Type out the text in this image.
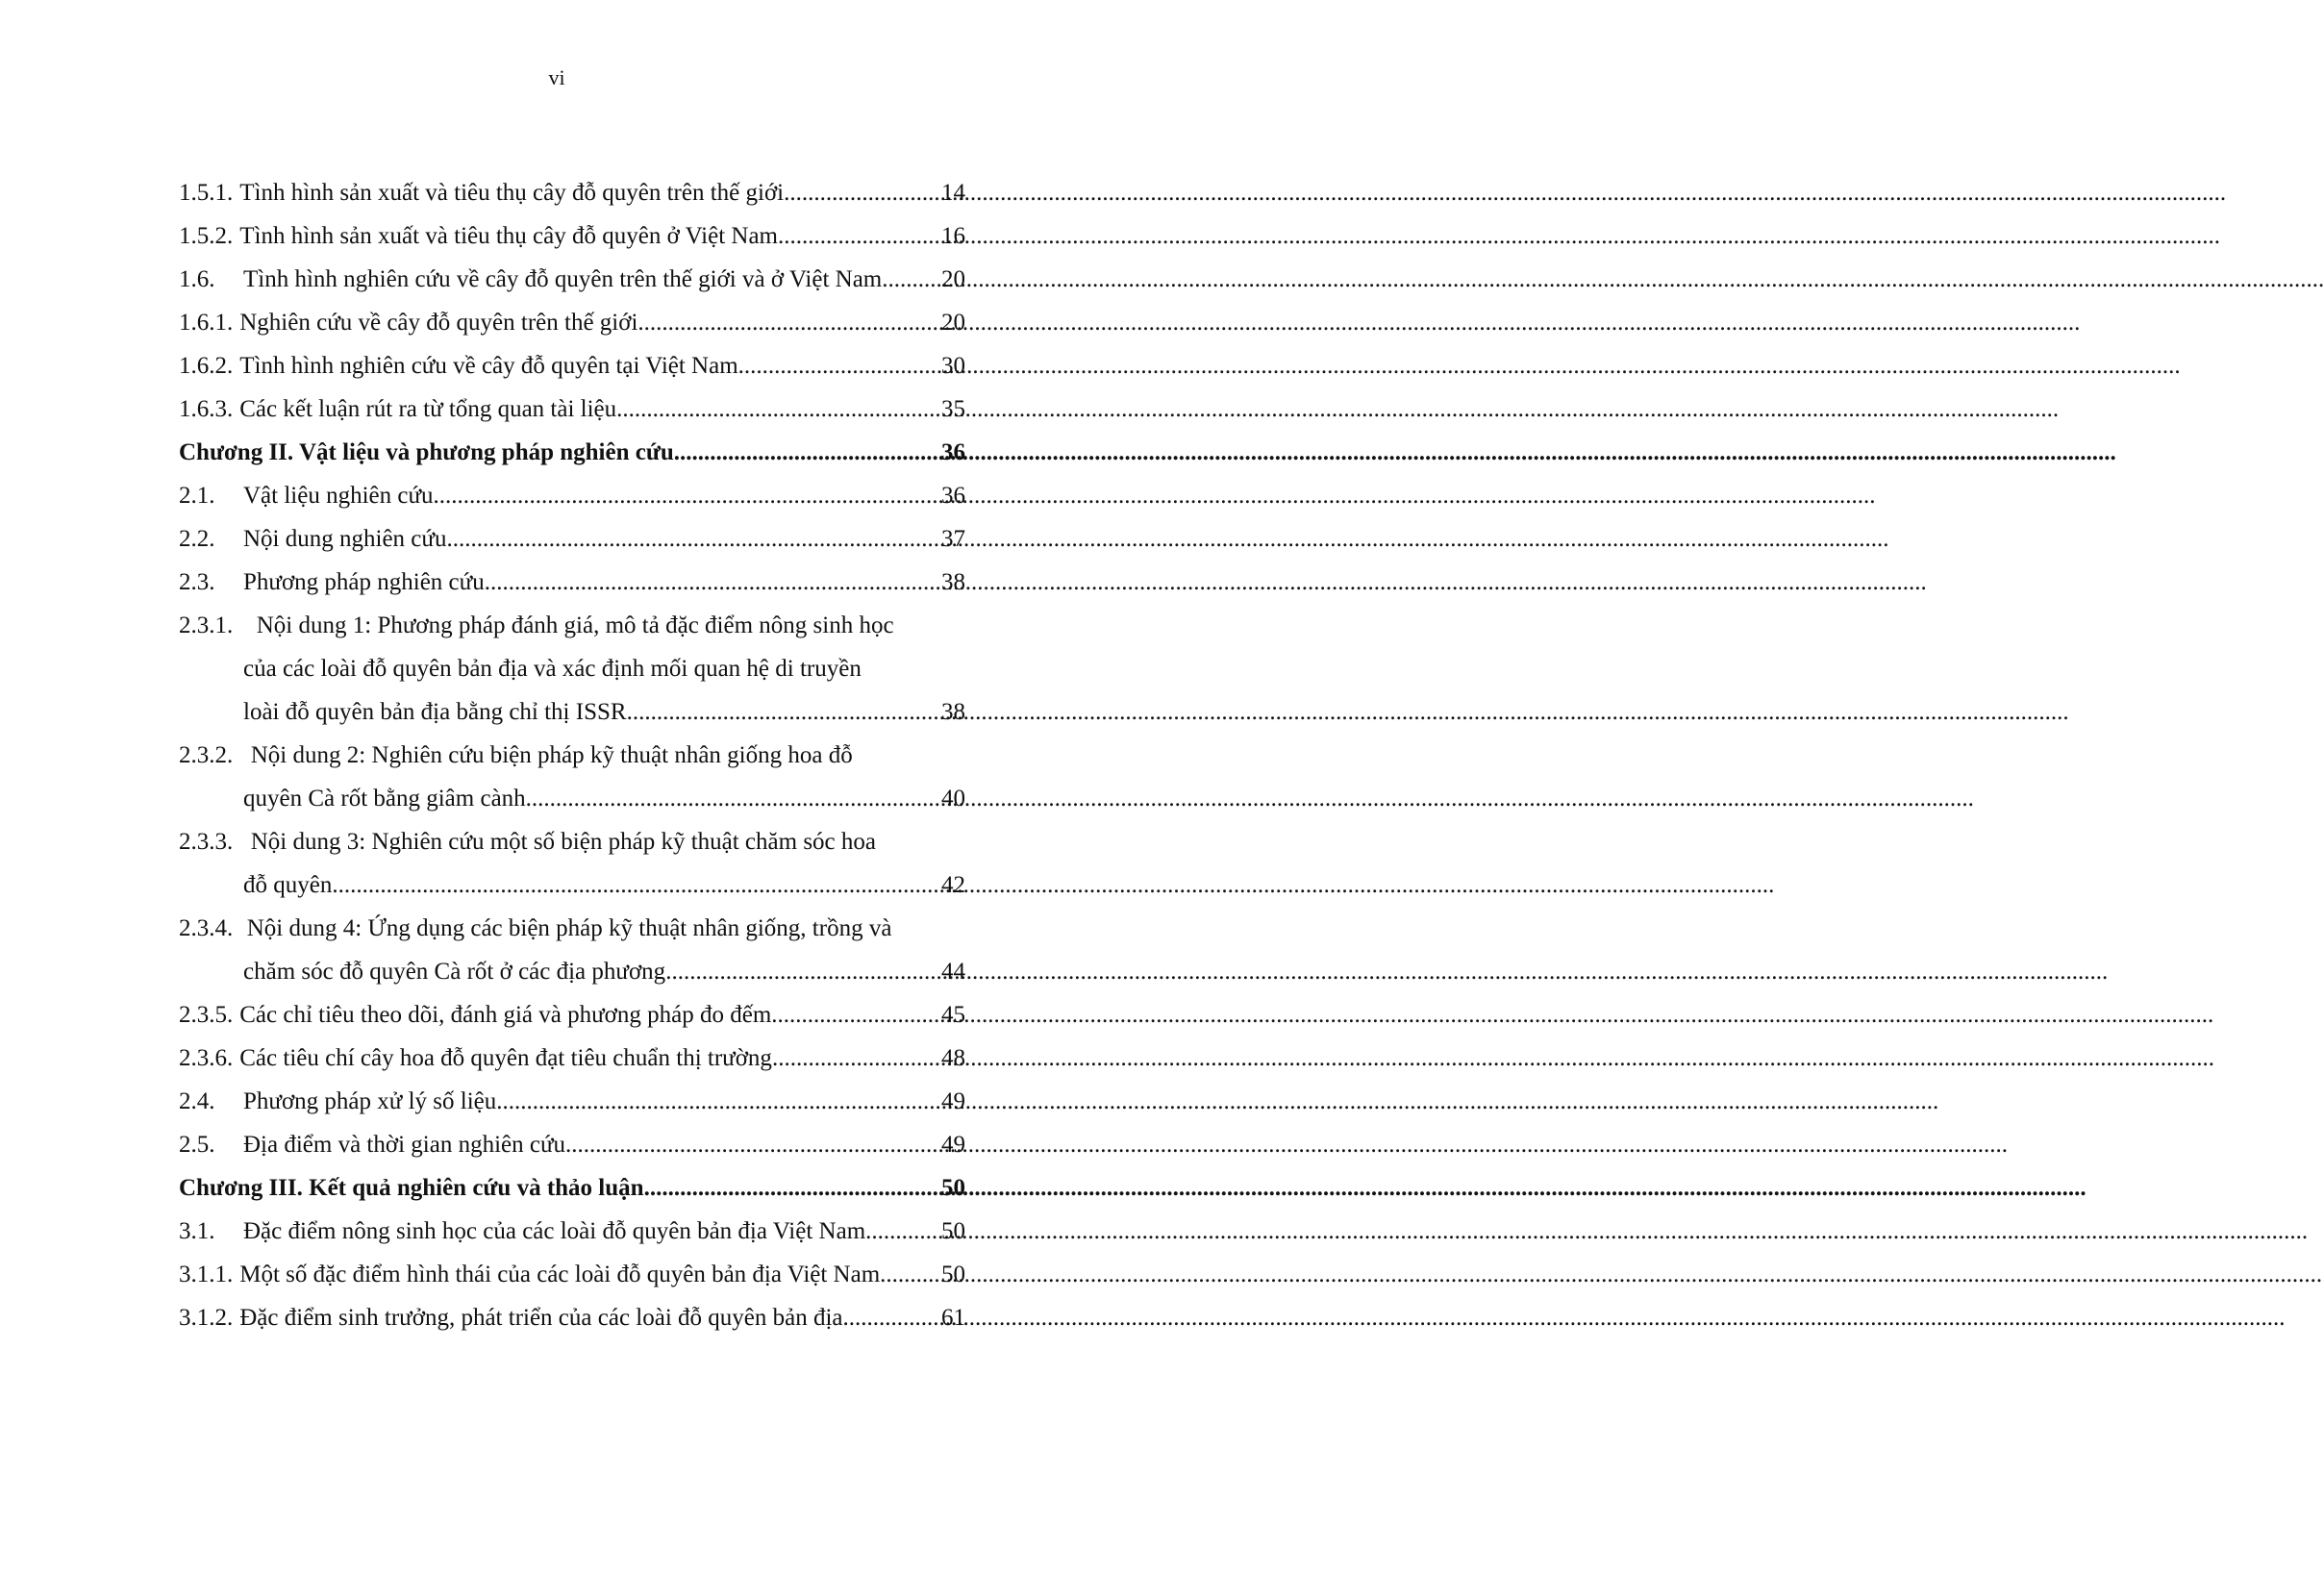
vi
1.5.1. Tình hình sản xuất và tiêu thụ cây đỗ quyên trên thế giới .....	14
1.5.2. Tình hình sản xuất và tiêu thụ cây đỗ quyên ở Việt Nam .....	16
1.6.	Tình hình nghiên cứu về cây đỗ quyên trên thế giới và ở Việt Nam ..... 20
1.6.1. Nghiên cứu về cây đỗ quyên trên thế giới .....	20
1.6.2. Tình hình nghiên cứu về cây đỗ quyên tại Việt Nam .....	30
1.6.3. Các kết luận rút ra từ tổng quan tài liệu .....	35
Chương II. Vật liệu và phương pháp nghiên cứu .....	36
2.1.	Vật liệu nghiên cứu .....	36
2.2.	Nội dung nghiên cứu .....	37
2.3.	Phương pháp nghiên cứu .....	38
2.3.1. Nội dung 1: Phương pháp đánh giá, mô tả đặc điểm nông sinh học
của các loài đỗ quyên bản địa và xác định mối quan hệ di truyền
loài đỗ quyên bản địa bằng chỉ thị ISSR .....	38
2.3.2. Nội dung 2: Nghiên cứu biện pháp kỹ thuật nhân giống hoa đỗ
quyên Cà rốt bằng giâm cành. .....	40
2.3.3. Nội dung 3: Nghiên cứu một số biện pháp kỹ thuật chăm sóc hoa
đỗ quyên .....	42
2.3.4. Nội dung 4: Ứng dụng các biện pháp kỹ thuật nhân giống, trồng và
chăm sóc đỗ quyên Cà rốt ở các địa phương .....	44
2.3.5. Các chỉ tiêu theo dõi, đánh giá và phương pháp đo đếm .....	45
2.3.6. Các tiêu chí cây hoa đỗ quyên đạt tiêu chuẩn thị trường .....	48
2.4.	Phương pháp xử lý số liệu .....	49
2.5.	Địa điểm và thời gian nghiên cứu .....	49
Chương III. Kết quả nghiên cứu và thảo luận .....	50
3.1.	Đặc điểm nông sinh học của các loài đỗ quyên bản địa Việt Nam .....	50
3.1.1. Một số đặc điểm hình thái của các loài đỗ quyên bản địa Việt Nam .....	50
3.1.2. Đặc điểm sinh trưởng, phát triển của các loài đỗ quyên bản địa .....	61
